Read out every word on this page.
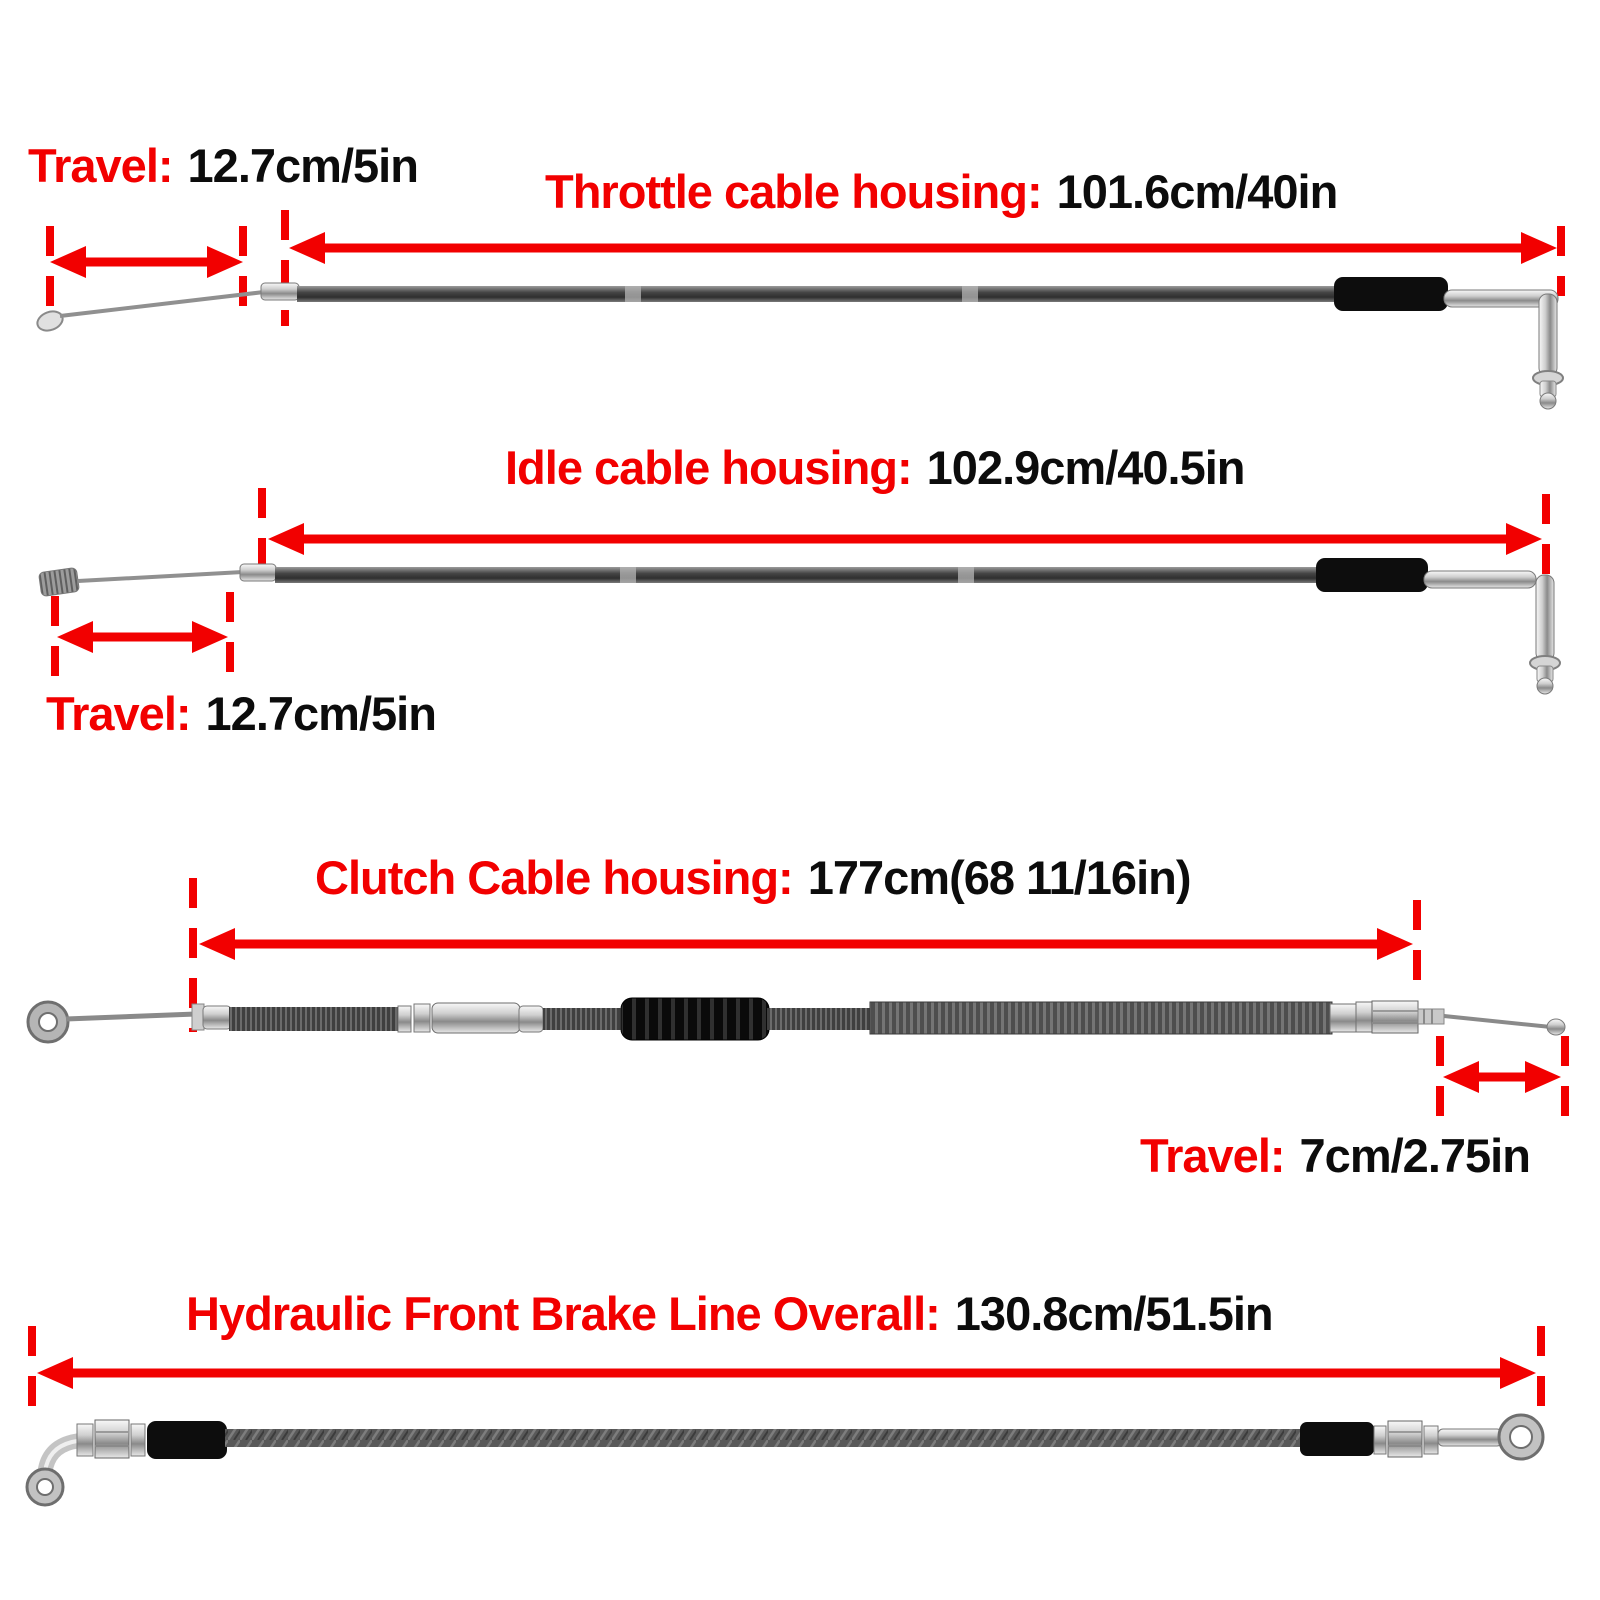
Travel: 12.7cm/5in	Throttle cable housing: 101.6cm/40in
Idle cable housing: 102.9cm/40.5in
Travel: 12.7cm/5in
Clutch Cable housing: 177cm(68 11/16in)
Travel: 7cm/2.75in
Hydraulic Front Brake Line Overall: 130.8cm/51.5in
